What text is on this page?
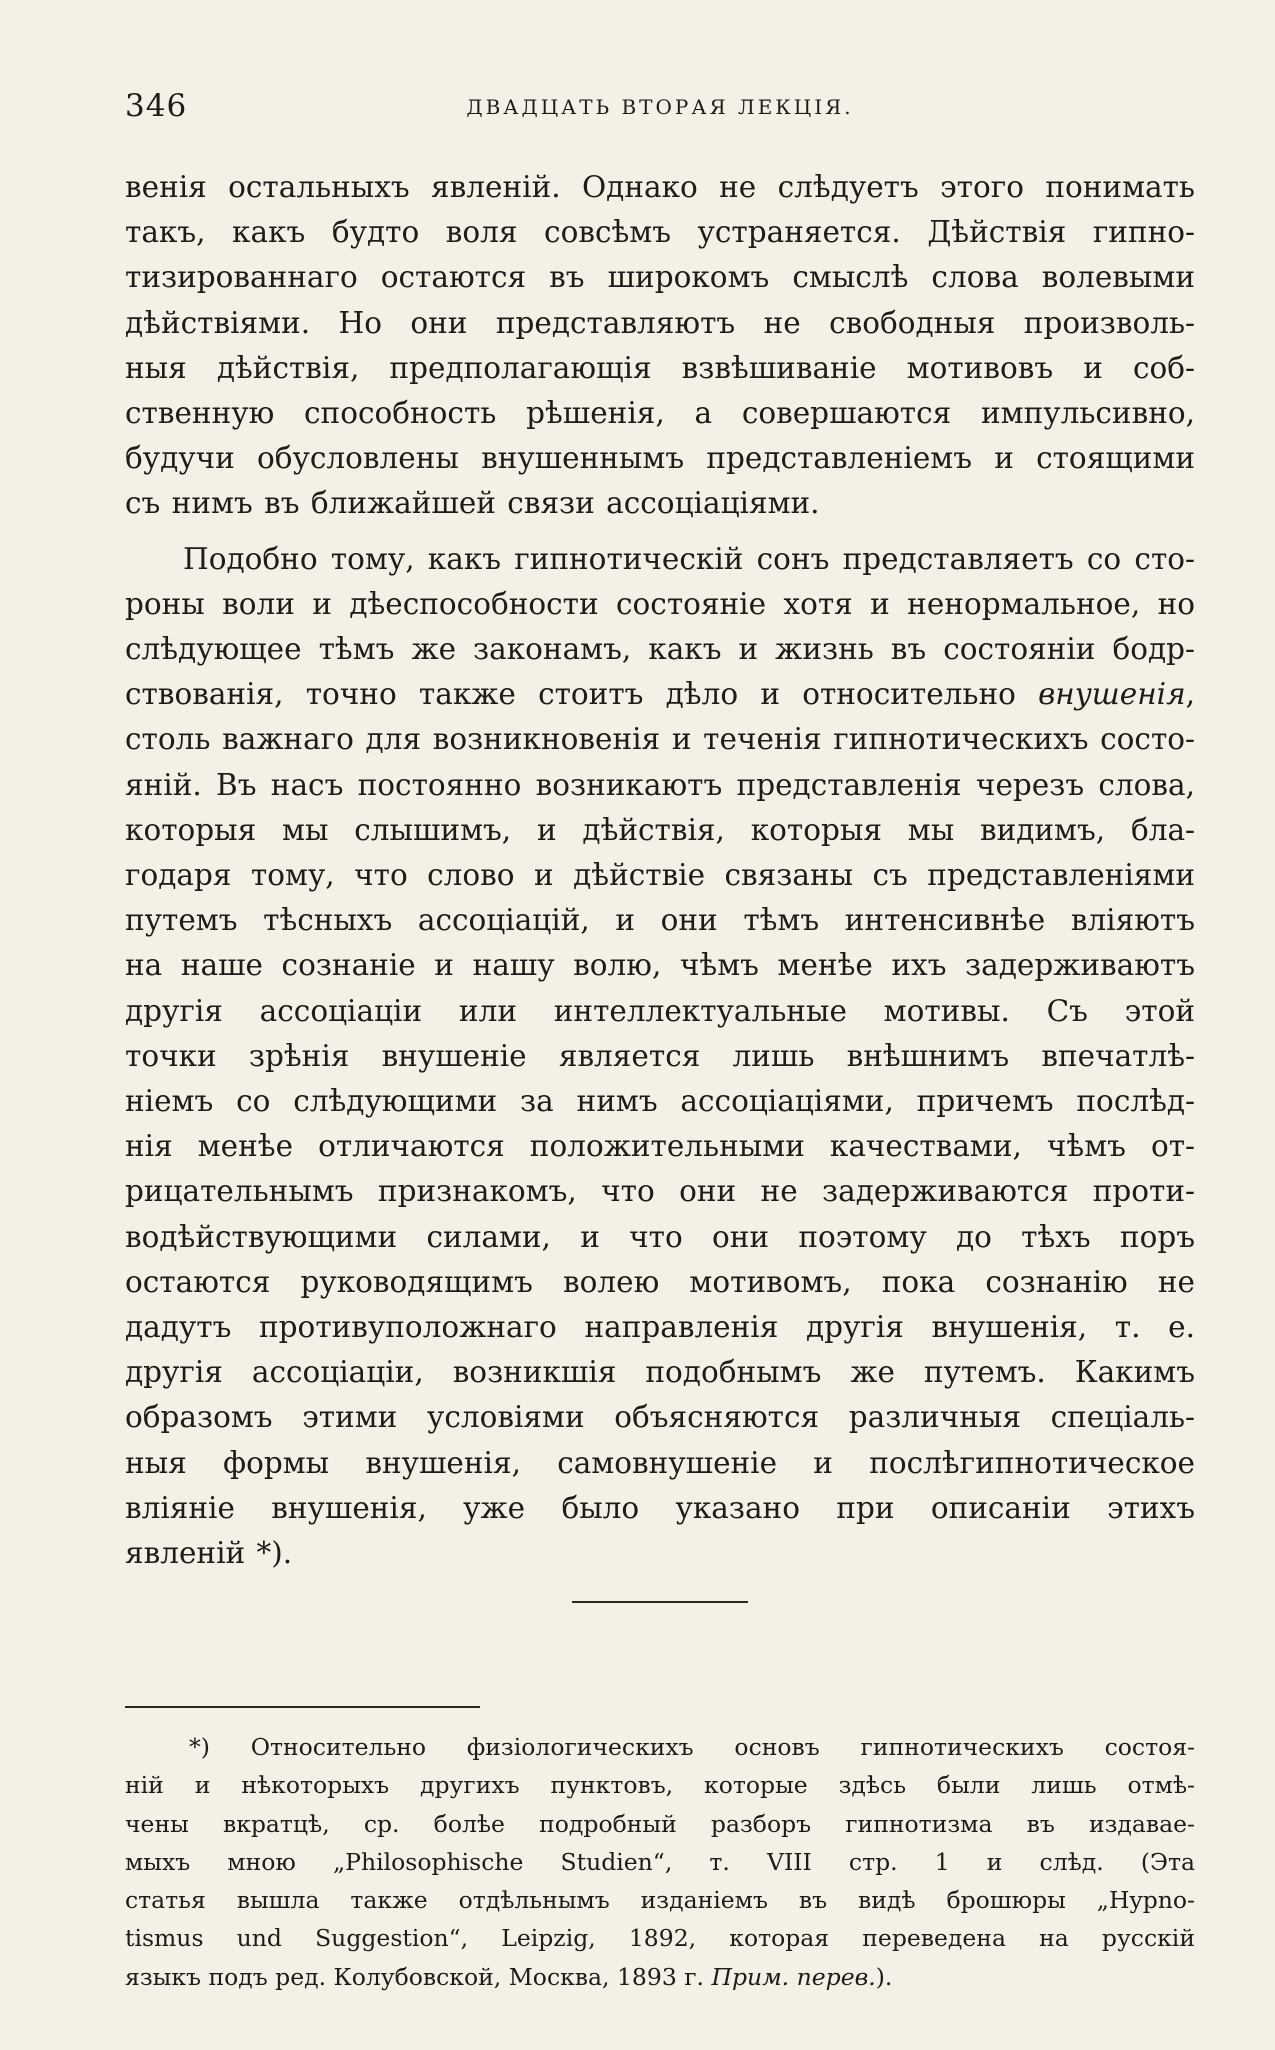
346	ДВАДЦАТЬ ВТОРАЯ ЛЕКЦІЯ.

венія остальныхъ явленій. Однако не слѣдуетъ этого понимать

такъ, какъ будто воля совсѣмъ устраняется. Дѣйствія гипно-

тизированнаго остаются въ широкомъ смыслѣ слова волевыми

дѣйствіями. Но они представляютъ не свободныя произволь-

ныя дѣйствія, предполагающія взвѣшиваніе мотивовъ и соб-

ственную способность рѣшенія, а совершаются импульсивно,

будучи обусловлены внушеннымъ представленіемъ и стоящими

съ нимъ въ ближайшей связи ассоціаціями.

Подобно тому, какъ гипнотическій сонъ представляетъ со сто-

роны воли и дѣеспособности состояніе хотя и ненормальное, но

слѣдующее тѣмъ же законамъ, какъ и жизнь въ состояніи бодр-

ствованія, точно также стоитъ дѣло и относительно внушенія,

столь важнаго для возникновенія и теченія гипнотическихъ состо-

яній. Въ насъ постоянно возникаютъ представленія черезъ слова,

которыя мы слышимъ, и дѣйствія, которыя мы видимъ, бла-

годаря тому, что слово и дѣйствіе связаны съ представленіями

путемъ тѣсныхъ ассоціацій, и они тѣмъ интенсивнѣе вліяютъ

на наше сознаніе и нашу волю, чѣмъ менѣе ихъ задерживаютъ

другія ассоціаціи или интеллектуальные мотивы. Съ этой

точки зрѣнія внушеніе является лишь внѣшнимъ впечатлѣ-

ніемъ со слѣдующими за нимъ ассоціаціями, причемъ послѣд-

нія менѣе отличаются положительными качествами, чѣмъ от-

рицательнымъ признакомъ, что они не задерживаются проти-

водѣйствующими силами, и что они поэтому до тѣхъ поръ

остаются руководящимъ волею мотивомъ, пока сознанію не

дадутъ противуположнаго направленія другія внушенія, т. е.

другія ассоціаціи, возникшія подобнымъ же путемъ. Какимъ

образомъ этими условіями объясняются различныя спеціаль-

ныя формы внушенія, самовнушеніе и послѣгипнотическое

вліяніе внушенія, уже было указано при описаніи этихъ

явленій *).

*) Относительно физіологическихъ основъ гипнотическихъ состоя-

ній и нѣкоторыхъ другихъ пунктовъ, которые здѣсь были лишь отмѣ-

чены вкратцѣ, ср. болѣе подробный разборъ гипнотизма въ издавае-

мыхъ мною „Philosophische Studien“, т. VIII стр. 1 и слѣд. (Эта

статья вышла также отдѣльнымъ изданіемъ въ видѣ брошюры „Hypno-

tismus und Suggestion“, Leipzig, 1892, которая переведена на русскій

языкъ подъ ред. Колубовской, Москва, 1893 г. Прим. перев.).
